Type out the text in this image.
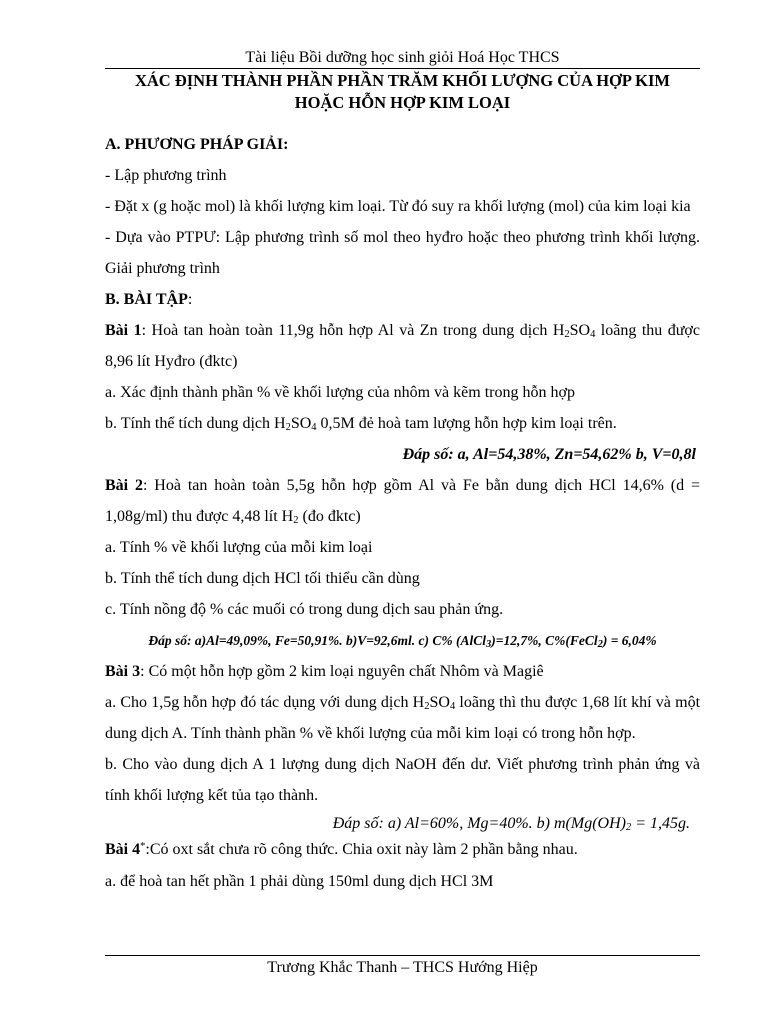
Tài liệu Bồi dưỡng học sinh giỏi Hoá Học THCS
XÁC ĐỊNH THÀNH PHẦN PHẦN TRĂM KHỐI LƯỢNG CỦA HỢP KIM
HOẶC HỖN HỢP KIM LOẠI

A. PHƯƠNG PHÁP GIẢI:

- Lập phương trình

- Đặt x (g hoặc mol) là khối lượng kim loại. Từ đó suy ra khối lượng (mol) của kim loại kia

- Dựa vào PTPƯ: Lập phương trình số mol theo hyđro hoặc theo phương trình khối lượng. Giải phương trình

B. BÀI TẬP:

Bài 1: Hoà tan hoàn toàn 11,9g hỗn hợp Al và Zn trong dung dịch $H_2SO_4$ loãng thu được 8,96 lít Hyđro (đktc)

a. Xác định thành phần % về khối lượng của nhôm và kẽm trong hỗn hợp

b. Tính thể tích dung dịch $H_2SO_4$ 0,5M đẻ hoà tam lượng hỗn hợp kim loại trên.

Đáp số: a, Al=54,38%, Zn=54,62% b, V=0,8l

Bài 2: Hoà tan hoàn toàn 5,5g hỗn hợp gồm Al và Fe bằn dung dịch HCl 14,6% (d = 1,08g/ml) thu được 4,48 lít $H_2$ (đo đktc)

a. Tính % về khối lượng của mỗi kim loại

b. Tính thể tích dung dịch HCl tối thiểu cần dùng

c. Tính nồng độ % các muối có trong dung dịch sau phản ứng.

Đáp số: a)Al=49,09%, Fe=50,91%. b)V=92,6ml. c) C% (AlCl$_3$)=12,7%, C%(FeCl$_2$) = 6,04%

Bài 3: Có một hỗn hợp gồm 2 kim loại nguyên chất Nhôm và Magiê

a. Cho 1,5g hỗn hợp đó tác dụng với dung dịch $H_2SO_4$ loãng thì thu được 1,68 lít khí và một dung dịch A. Tính thành phần % về khối lượng của mỗi kim loại có trong hỗn hợp.

b. Cho vào dung dịch A 1 lượng dung dịch NaOH đến dư. Viết phương trình phản ứng và tính khối lượng kết tủa tạo thành.

Đáp số: a) Al=60%, Mg=40%. b) $m(Mg(OH)_2 = 1,45g$.

Bài 4*:Có oxt sắt chưa rõ công thức. Chia oxit này làm 2 phần bằng nhau.

a. để hoà tan hết phần 1 phải dùng 150ml dung dịch HCl 3M

Trương Khắc Thanh – THCS Hướng Hiệp
